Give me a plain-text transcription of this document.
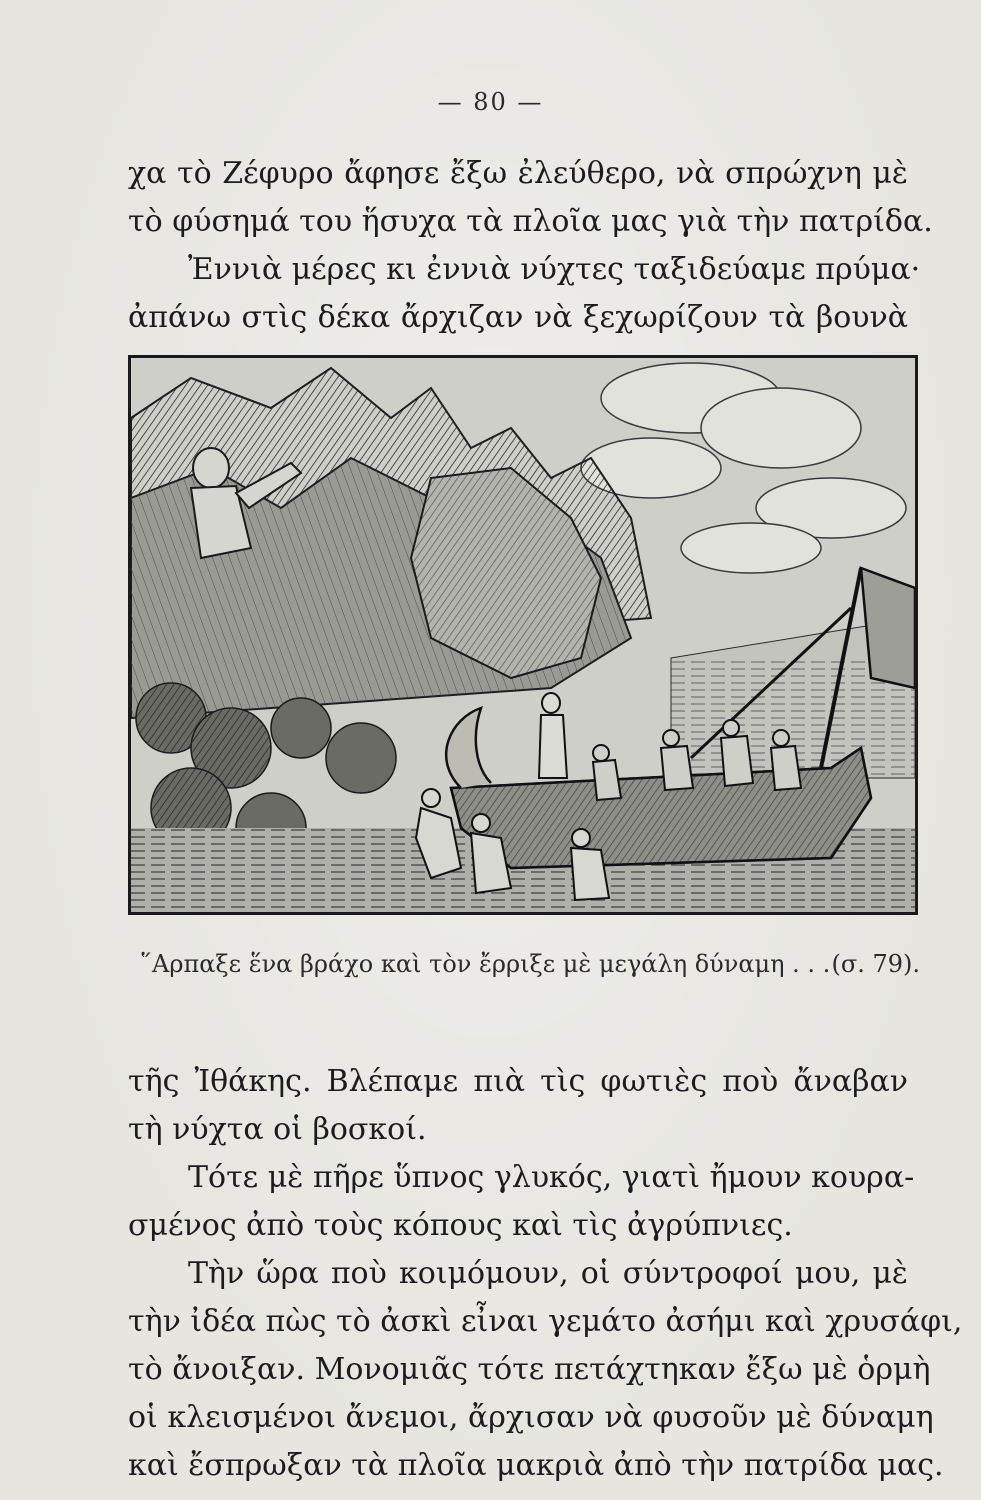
— 80 —
χα τὸ Ζέφυρο ἄφησε ἔξω ἐλεύθερο, νὰ σπρώχνη μὲ
τὸ φύσημά του ἥσυχα τὰ πλοῖα μας γιὰ τὴν πατρίδα.
Ἐννιὰ μέρες κι ἐννιὰ νύχτες ταξιδεύαμε πρύμα·
ἀπάνω στὶς δέκα ἄρχιζαν νὰ ξεχωρίζουν τὰ βουνὰ
῞Αρπαξε ἕνα βράχο καὶ τὸν ἔρριξε μὲ μεγάλη δύναμη . . . (σ. 79).
τῆς Ἰθάκης. Βλέπαμε πιὰ τὶς φωτιὲς ποὺ ἄναβαν
τὴ νύχτα οἱ βοσκοί.
Τότε μὲ πῆρε ὕπνος γλυκός, γιατὶ ἤμουν κουρα-
σμένος ἀπὸ τοὺς κόπους καὶ τὶς ἀγρύπνιες.
Τὴν ὥρα ποὺ κοιμόμουν, οἱ σύντροφοί μου, μὲ
τὴν ἰδέα πὼς τὸ ἀσκὶ εἶναι γεμάτο ἀσήμι καὶ χρυσάφι,
τὸ ἄνοιξαν. Μονομιᾶς τότε πετάχτηκαν ἔξω μὲ ὁρμὴ
οἱ κλεισμένοι ἄνεμοι, ἄρχισαν νὰ φυσοῦν μὲ δύναμη
καὶ ἔσπρωξαν τὰ πλοῖα μακριὰ ἀπὸ τὴν πατρίδα μας.
